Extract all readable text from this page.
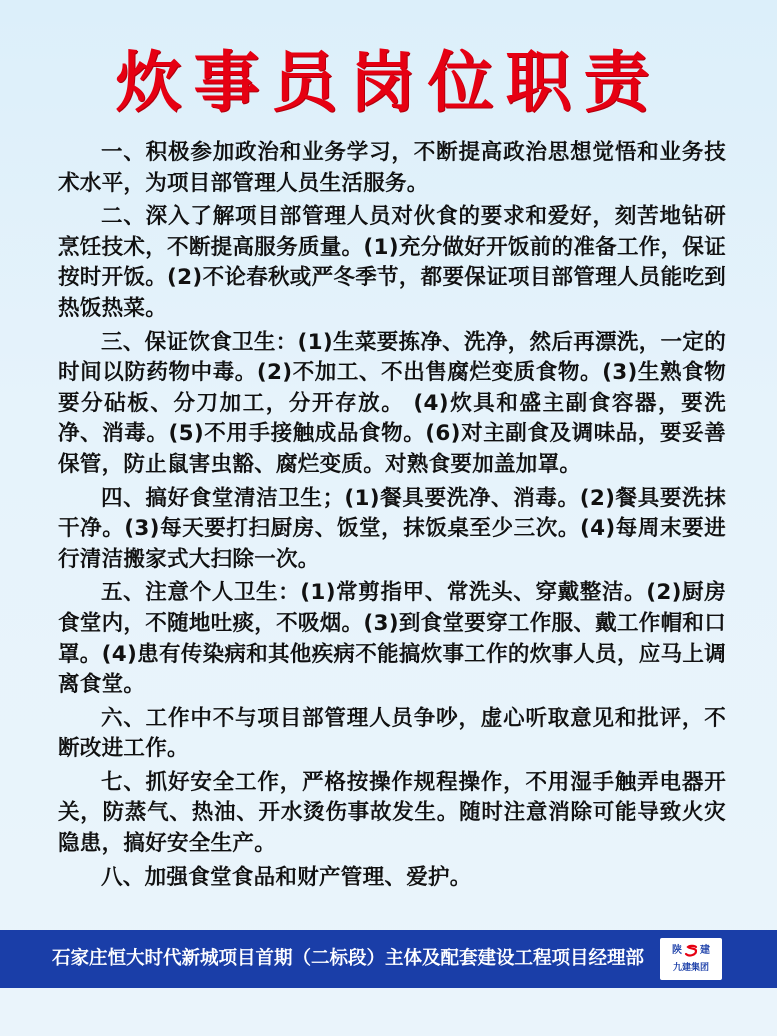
炊事员岗位职责

一、积极参加政治和业务学习，不断提高政治思想觉悟和业务技术水平，为项目部管理人员生活服务。

二、深入了解项目部管理人员对伙食的要求和爱好，刻苦地钻研烹饪技术，不断提高服务质量。(1)充分做好开饭前的准备工作，保证按时开饭。(2)不论春秋或严冬季节，都要保证项目部管理人员能吃到热饭热菜。

三、保证饮食卫生：(1)生菜要拣净、洗净，然后再漂洗，一定的时间以防药物中毒。(2)不加工、不出售腐烂变质食物。(3)生熟食物要分砧板、分刀加工，分开存放。 (4)炊具和盛主副食容器，要洗净、消毒。(5)不用手接触成品食物。(6)对主副食及调味品，要妥善保管，防止鼠害虫豁、腐烂变质。对熟食要加盖加罩。

四、搞好食堂清洁卫生；(1)餐具要洗净、消毒。(2)餐具要洗抹干净。(3)每天要打扫厨房、饭堂，抹饭桌至少三次。(4)每周末要进行清洁搬家式大扫除一次。

五、注意个人卫生：(1)常剪指甲、常洗头、穿戴整洁。(2)厨房食堂内，不随地吐痰，不吸烟。(3)到食堂要穿工作服、戴工作帽和口罩。(4)患有传染病和其他疾病不能搞炊事工作的炊事人员，应马上调离食堂。

六、工作中不与项目部管理人员争吵，虚心听取意见和批评，不断改进工作。

七、抓好安全工作，严格按操作规程操作，不用湿手触弄电器开关，防蒸气、热油、开水烫伤事故发生。随时注意消除可能导致火灾隐患，搞好安全生产。

八、加强食堂食品和财产管理、爱护。

石家庄恒大时代新城项目首期（二标段）主体及配套建设工程项目经理部	陕 建
九建集团
